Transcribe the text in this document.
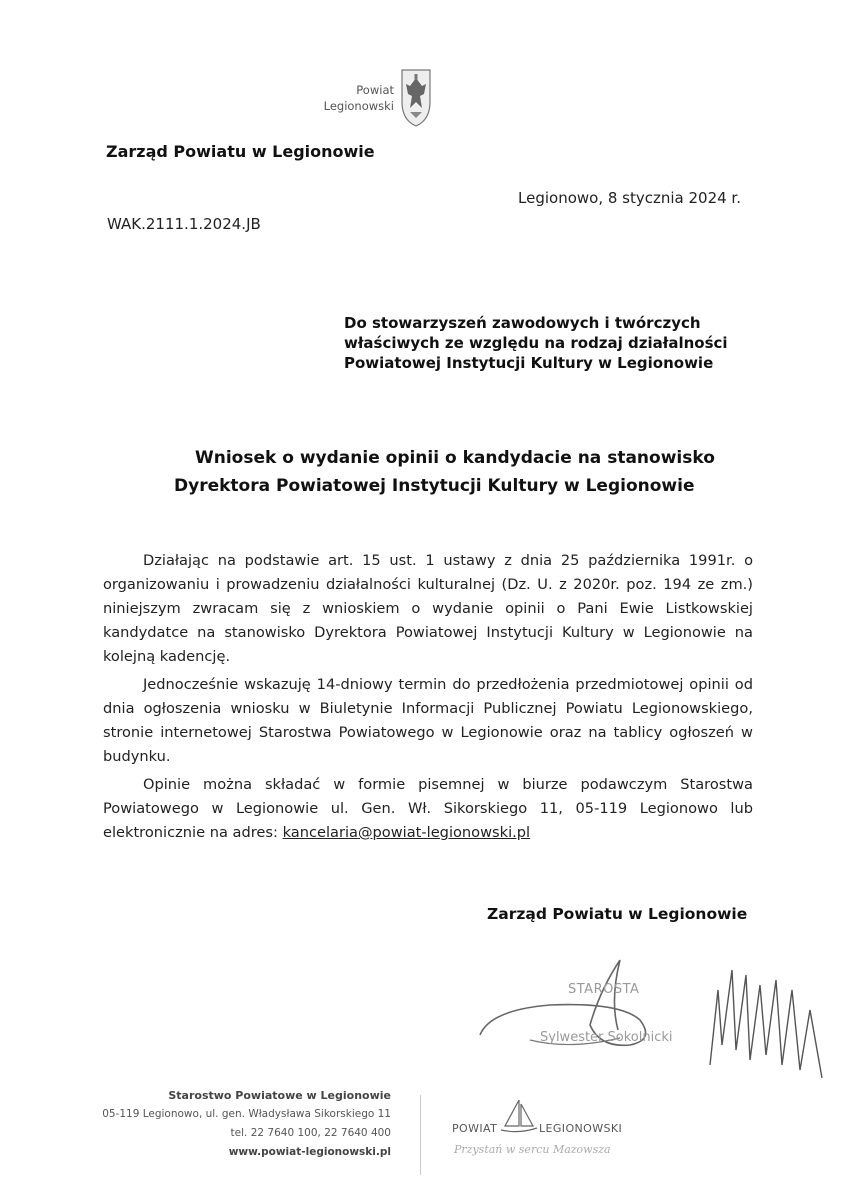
Powiat
Legionowski
Zarząd Powiatu w Legionowie
Legionowo, 8 stycznia 2024 r.
WAK.2111.1.2024.JB
Do stowarzyszeń zawodowych i twórczych
właściwych ze względu na rodzaj działalności
Powiatowej Instytucji Kultury w Legionowie
Wniosek o wydanie opinii o kandydacie na stanowisko
Dyrektora Powiatowej Instytucji Kultury w Legionowie

Działając na podstawie art. 15 ust. 1 ustawy z dnia 25 października 1991r. o organizowaniu i prowadzeniu działalności kulturalnej (Dz. U. z 2020r. poz. 194 ze zm.) niniejszym zwracam się z wnioskiem o wydanie opinii o Pani Ewie Listkowskiej kandydatce na stanowisko Dyrektora Powiatowej Instytucji Kultury w Legionowie na kolejną kadencję.

Jednocześnie wskazuję 14-dniowy termin do przedłożenia przedmiotowej opinii od dnia ogłoszenia wniosku w Biuletynie Informacji Publicznej Powiatu Legionowskiego, stronie internetowej Starostwa Powiatowego w Legionowie oraz na tablicy ogłoszeń w budynku.

Opinie można składać w formie pisemnej w biurze podawczym Starostwa Powiatowego w Legionowie ul. Gen. Wł. Sikorskiego 11, 05-119 Legionowo lub elektronicznie na adres: kancelaria@powiat-legionowski.pl

Zarząd Powiatu w Legionowie
STAROSTA
Sylwester Sokolnicki
Starostwo Powiatowe w Legionowie
05-119 Legionowo, ul. gen. Władysława Sikorskiego 11
tel. 22 7640 100, 22 7640 400
www.powiat-legionowski.pl
POWIAT	LEGIONOWSKI
Przystań w sercu Mazowsza
